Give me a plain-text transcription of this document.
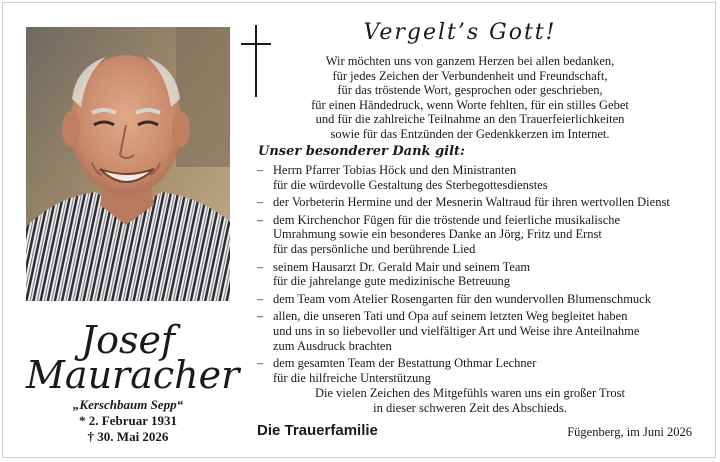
Josef
Mauracher
„Kerschbaum Sepp“
* 2. Februar 1931
† 30. Mai 2026
Vergelt’s Gott!
Wir möchten uns von ganzem Herzen bei allen bedanken,
für jedes Zeichen der Verbundenheit und Freundschaft,
für das tröstende Wort, gesprochen oder geschrieben,
für einen Händedruck, wenn Worte fehlten, für ein stilles Gebet
und für die zahlreiche Teilnahme an den Trauerfeierlichkeiten
sowie für das Entzünden der Gedenkkerzen im Internet.
Unser besonderer Dank gilt:
– Herrn Pfarrer Tobias Höck und den Ministranten
für die würdevolle Gestaltung des Sterbegottesdienstes
– der Vorbeterin Hermine und der Mesnerin Waltraud für ihren wertvollen Dienst
– dem Kirchenchor Fügen für die tröstende und feierliche musikalische
Umrahmung sowie ein besonderes Danke an Jörg, Fritz und Ernst
für das persönliche und berührende Lied
– seinem Hausarzt Dr. Gerald Mair und seinem Team
für die jahrelange gute medizinische Betreuung
– dem Team vom Atelier Rosengarten für den wundervollen Blumenschmuck
– allen, die unseren Tati und Opa auf seinem letzten Weg begleitet haben
und uns in so liebevoller und vielfältiger Art und Weise ihre Anteilnahme
zum Ausdruck brachten
– dem gesamten Team der Bestattung Othmar Lechner
für die hilfreiche Unterstützung
Die vielen Zeichen des Mitgefühls waren uns ein großer Trost
in dieser schweren Zeit des Abschieds.
Die Trauerfamilie	Fügenberg, im Juni 2026
